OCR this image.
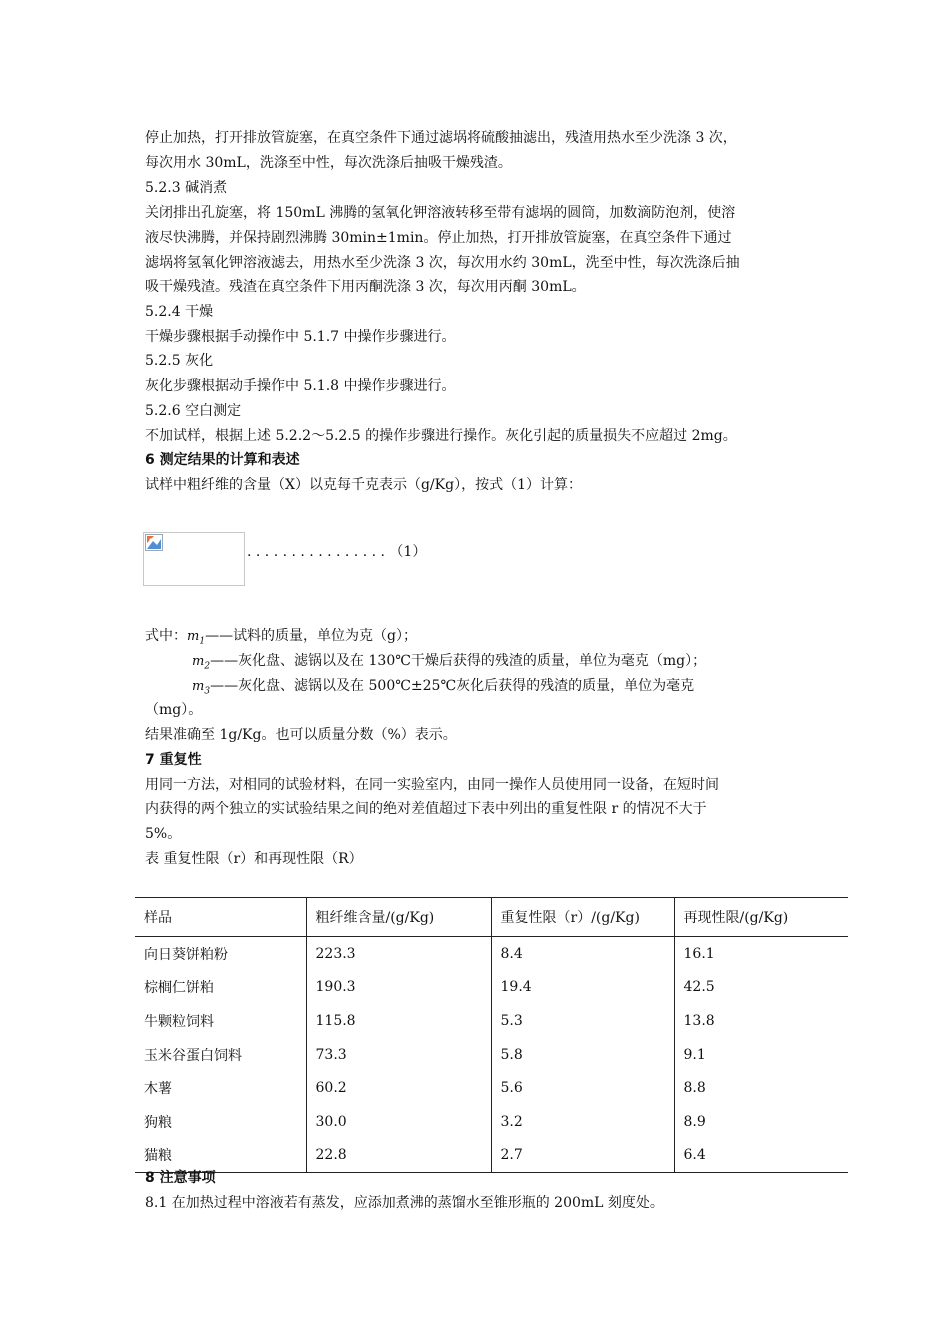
停止加热，打开排放管旋塞，在真空条件下通过滤埚将硫酸抽滤出，残渣用热水至少洗涤 3 次，
每次用水 30mL，洗涤至中性，每次洗涤后抽吸干燥残渣。
5.2.3 碱消煮
关闭排出孔旋塞，将 150mL 沸腾的氢氧化钾溶液转移至带有滤埚的圆筒，加数滴防泡剂，使溶
液尽快沸腾，并保持剧烈沸腾 30min±1min。停止加热，打开排放管旋塞，在真空条件下通过
滤埚将氢氧化钾溶液滤去，用热水至少洗涤 3 次，每次用水约 30mL，洗至中性，每次洗涤后抽
吸干燥残渣。残渣在真空条件下用丙酮洗涤 3 次，每次用丙酮 30mL。
5.2.4 干燥
干燥步骤根据手动操作中 5.1.7 中操作步骤进行。
5.2.5 灰化
灰化步骤根据动手操作中 5.1.8 中操作步骤进行。
5.2.6 空白测定
不加试样，根据上述 5.2.2～5.2.5 的操作步骤进行操作。灰化引起的质量损失不应超过 2mg。
6 测定结果的计算和表述
试样中粗纤维的含量（X）以克每千克表示（g/Kg），按式（1）计算：
. . . . . . . . . . . . . . . . （1）
式中：$m_1——$试料的质量，单位为克（g）；
$m_2——$灰化盘、滤锅以及在 130℃干燥后获得的残渣的质量，单位为毫克（mg）；
$m_3——$灰化盘、滤锅以及在 500℃±25℃灰化后获得的残渣的质量，单位为毫克
（mg）。
结果准确至 1g/Kg。也可以质量分数（%）表示。
7 重复性
用同一方法，对相同的试验材料，在同一实验室内，由同一操作人员使用同一设备，在短时间
内获得的两个独立的实试验结果之间的绝对差值超过下表中列出的重复性限 r 的情况不大于
5%。
表 重复性限（r）和再现性限（R）
样品	粗纤维含量/(g/Kg)	重复性限（r）/(g/Kg)	再现性限/(g/Kg)
向日葵饼粕粉	223.3	8.4	16.1
棕榈仁饼粕	190.3	19.4	42.5
牛颗粒饲料	115.8	5.3	13.8
玉米谷蛋白饲料	73.3	5.8	9.1
木薯	60.2	5.6	8.8
狗粮	30.0	3.2	8.9
猫粮	22.8	2.7	6.4
8 注意事项
8.1 在加热过程中溶液若有蒸发，应添加煮沸的蒸馏水至锥形瓶的 200mL 刻度处。
